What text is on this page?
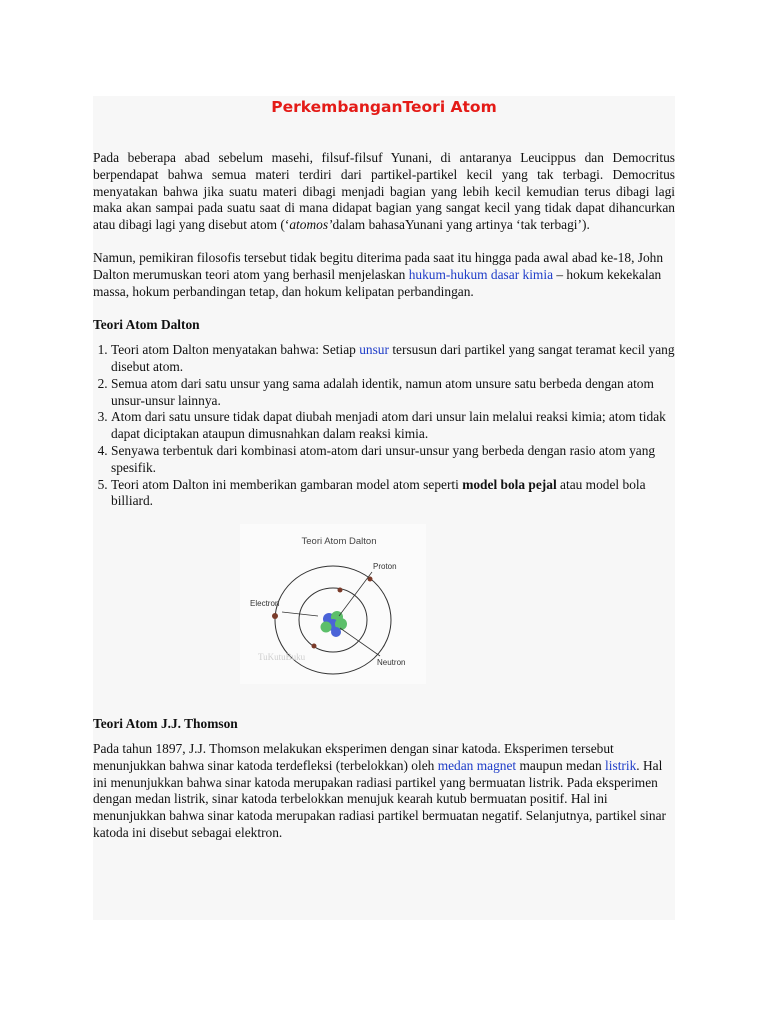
PerkembanganTeori Atom

Pada beberapa abad sebelum masehi, filsuf-filsuf Yunani, di antaranya Leucippus dan Democritus berpendapat bahwa semua materi terdiri dari partikel-partikel kecil yang tak terbagi. Democritus menyatakan bahwa jika suatu materi dibagi menjadi bagian yang lebih kecil kemudian terus dibagi lagi maka akan sampai pada suatu saat di mana didapat bagian yang sangat kecil yang tidak dapat dihancurkan atau dibagi lagi yang disebut atom (‘atomos’dalam bahasaYunani yang artinya ‘tak terbagi’).

Namun, pemikiran filosofis tersebut tidak begitu diterima pada saat itu hingga pada awal abad ke-18, John Dalton merumuskan teori atom yang berhasil menjelaskan hukum-hukum dasar kimia – hokum kekekalan massa, hokum perbandingan tetap, dan hokum kelipatan perbandingan.

Teori Atom Dalton

1. Teori atom Dalton menyatakan bahwa: Setiap unsur tersusun dari partikel yang sangat teramat kecil yang disebut atom.
2. Semua atom dari satu unsur yang sama adalah identik, namun atom unsure satu berbeda dengan atom unsur-unsur lainnya.
3. Atom dari satu unsure tidak dapat diubah menjadi atom dari unsur lain melalui reaksi kimia; atom tidak dapat diciptakan ataupun dimusnahkan dalam reaksi kimia.
4. Senyawa terbentuk dari kombinasi atom-atom dari unsur-unsur yang berbeda dengan rasio atom yang spesifik.
5. Teori atom Dalton ini memberikan gambaran model atom seperti model bola pejal atau model bola billiard.
Teori Atom Dalton
Proton
Electron
Neutron
TuKutuBuku

Teori Atom J.J. Thomson

Pada tahun 1897, J.J. Thomson melakukan eksperimen dengan sinar katoda. Eksperimen tersebut menunjukkan bahwa sinar katoda terdefleksi (terbelokkan) oleh medan magnet maupun medan listrik. Hal ini menunjukkan bahwa sinar katoda merupakan radiasi partikel yang bermuatan listrik. Pada eksperimen dengan medan listrik, sinar katoda terbelokkan menujuk kearah kutub bermuatan positif. Hal ini menunjukkan bahwa sinar katoda merupakan radiasi partikel bermuatan negatif. Selanjutnya, partikel sinar katoda ini disebut sebagai elektron.
